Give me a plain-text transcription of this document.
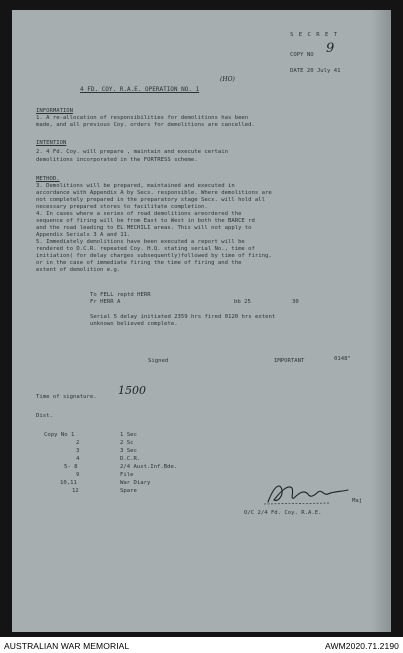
S E C R E T
COPY NO 9
DATE 20 July 41
(HO)
4 FD. COY. R.A.E. OPERATION NO. 1
INFORMATION
1. A re-allocation of responsibilities for demolitions has been
made, and all previous Coy. orders for demolitions are cancelled.
INTENTION
2. 4 Fd. Coy. will prepare , maintain and execute certain
demolitions incorporated in the FORTRESS scheme.
METHOD.
3. Demolitions will be prepared, maintained and executed in
accordance with Appendix A by Secs. responsible. Where demolitions are
not completely prepared in the preparatory stage Secs. will hold all
necessary prepared stores to facilitate completion.
4. In cases where a series of road demolitions areordered the
sequence of firing will be from East to West in both the BARCE rd
and the road leading to EL MECHILI areas. This will not apply to
Appendix Serials 3 A and 11.
5. Immediately demolitions have been executed a report will be
rendered to D.C.R. repeated Coy. H.Q. stating serial No., time of
initiation( for delay charges subsequently)followed by time of firing,
or in the case of immediate firing the time of firing and the
extent of demolition e.g.
To FELL reptd HERR
Fr HERR A	bb 25	30
Serial 5 delay initiated 2359 hrs fired 0120 hrs extent
unknown believed complete.
Signed	IMPORTANT	0148"
Time of signature. 1500
Dist.
Copy No 1	1 Sec
2	2 Sc
3	3 Sec
4	D.C.R.
5- 8	2/4 Aust.Inf.Bde.
9	File
10,11	War Diary
12	Spare
Maj
O/C 2/4 Fd. Coy. R.A.E.
AUSTRALIAN WAR MEMORIAL	AWM2020.71.2190
